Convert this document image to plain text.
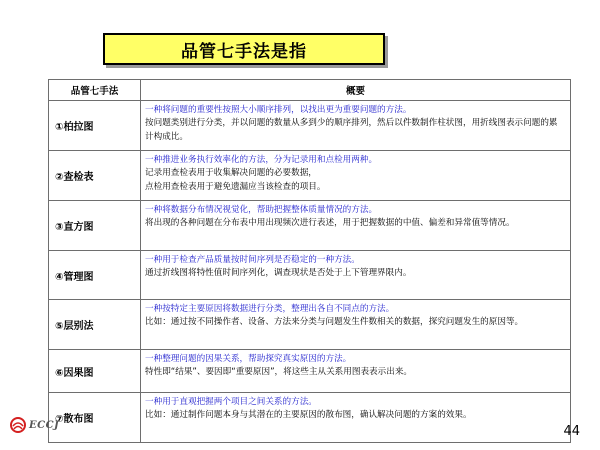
品管七手法是指
品管七手法	概要
①柏拉图	一种将问题的重要性按照大小顺序排列，以找出更为重要问题的方法。
按问题类别进行分类，并以问题的数量从多到少的顺序排列，然后以件数制作柱状图，用折线图表示问题的累计构成比。

②查检表	一种推进业务执行效率化的方法，分为记录用和点检用两种。
记录用查检表用于收集解决问题的必要数据，
点检用查检表用于避免遗漏应当该检查的项目。

③直方图	一种将数据分布情况视觉化，帮助把握整体质量情况的方法。
将出现的各种问题在分布表中用出现频次进行表述，用于把握数据的中值、偏差和异常值等情况。

④管理图	一种用于检查产品质量按时间序列是否稳定的一种方法。
通过折线图将特性值时间序列化，调查现状是否处于上下管理界限内。

⑤层别法	一种按特定主要原因将数据进行分类，整理出各自不同点的方法。
比如：通过按不同操作者、设备、方法来分类与问题发生件数相关的数据，探究问题发生的原因等。

⑥因果图	一种整理问题的因果关系，帮助探究真实原因的方法。
特性即“结果”、要因即“重要原因”，将这些主从关系用图表表示出来。

⑦散布图	一种用于直观把握两个项目之间关系的方法。
比如：通过制作问题本身与其潜在的主要原因的散布图，确认解决问题的方案的效果。
ECCJ	44
